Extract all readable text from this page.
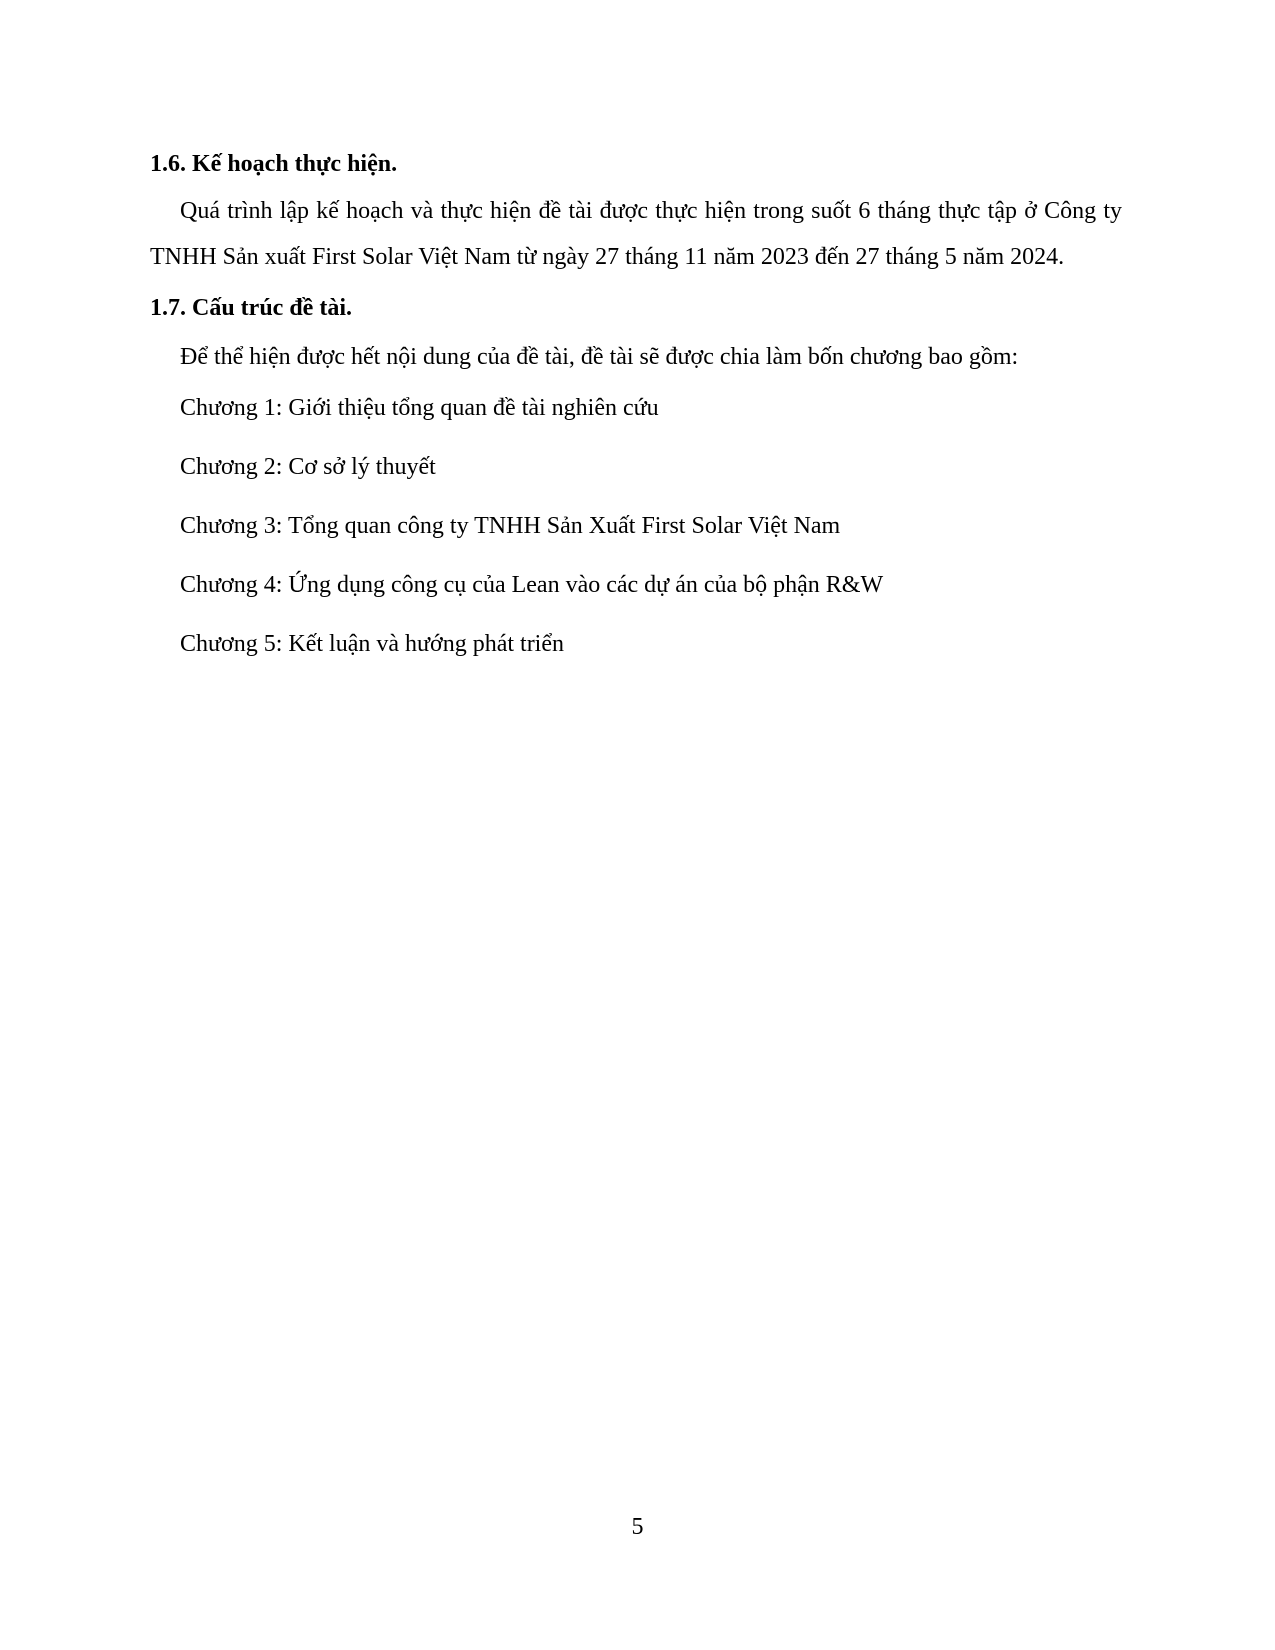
1.6. Kế hoạch thực hiện.

Quá trình lập kế hoạch và thực hiện đề tài được thực hiện trong suốt 6 tháng thực tập ở Công ty TNHH Sản xuất First Solar Việt Nam từ ngày 27 tháng 11 năm 2023 đến 27 tháng 5 năm 2024.

1.7. Cấu trúc đề tài.

Để thể hiện được hết nội dung của đề tài, đề tài sẽ được chia làm bốn chương bao gồm:

Chương 1: Giới thiệu tổng quan đề tài nghiên cứu
Chương 2: Cơ sở lý thuyết
Chương 3: Tổng quan công ty TNHH Sản Xuất First Solar Việt Nam
Chương 4: Ứng dụng công cụ của Lean vào các dự án của bộ phận R&W
Chương 5: Kết luận và hướng phát triển
5
